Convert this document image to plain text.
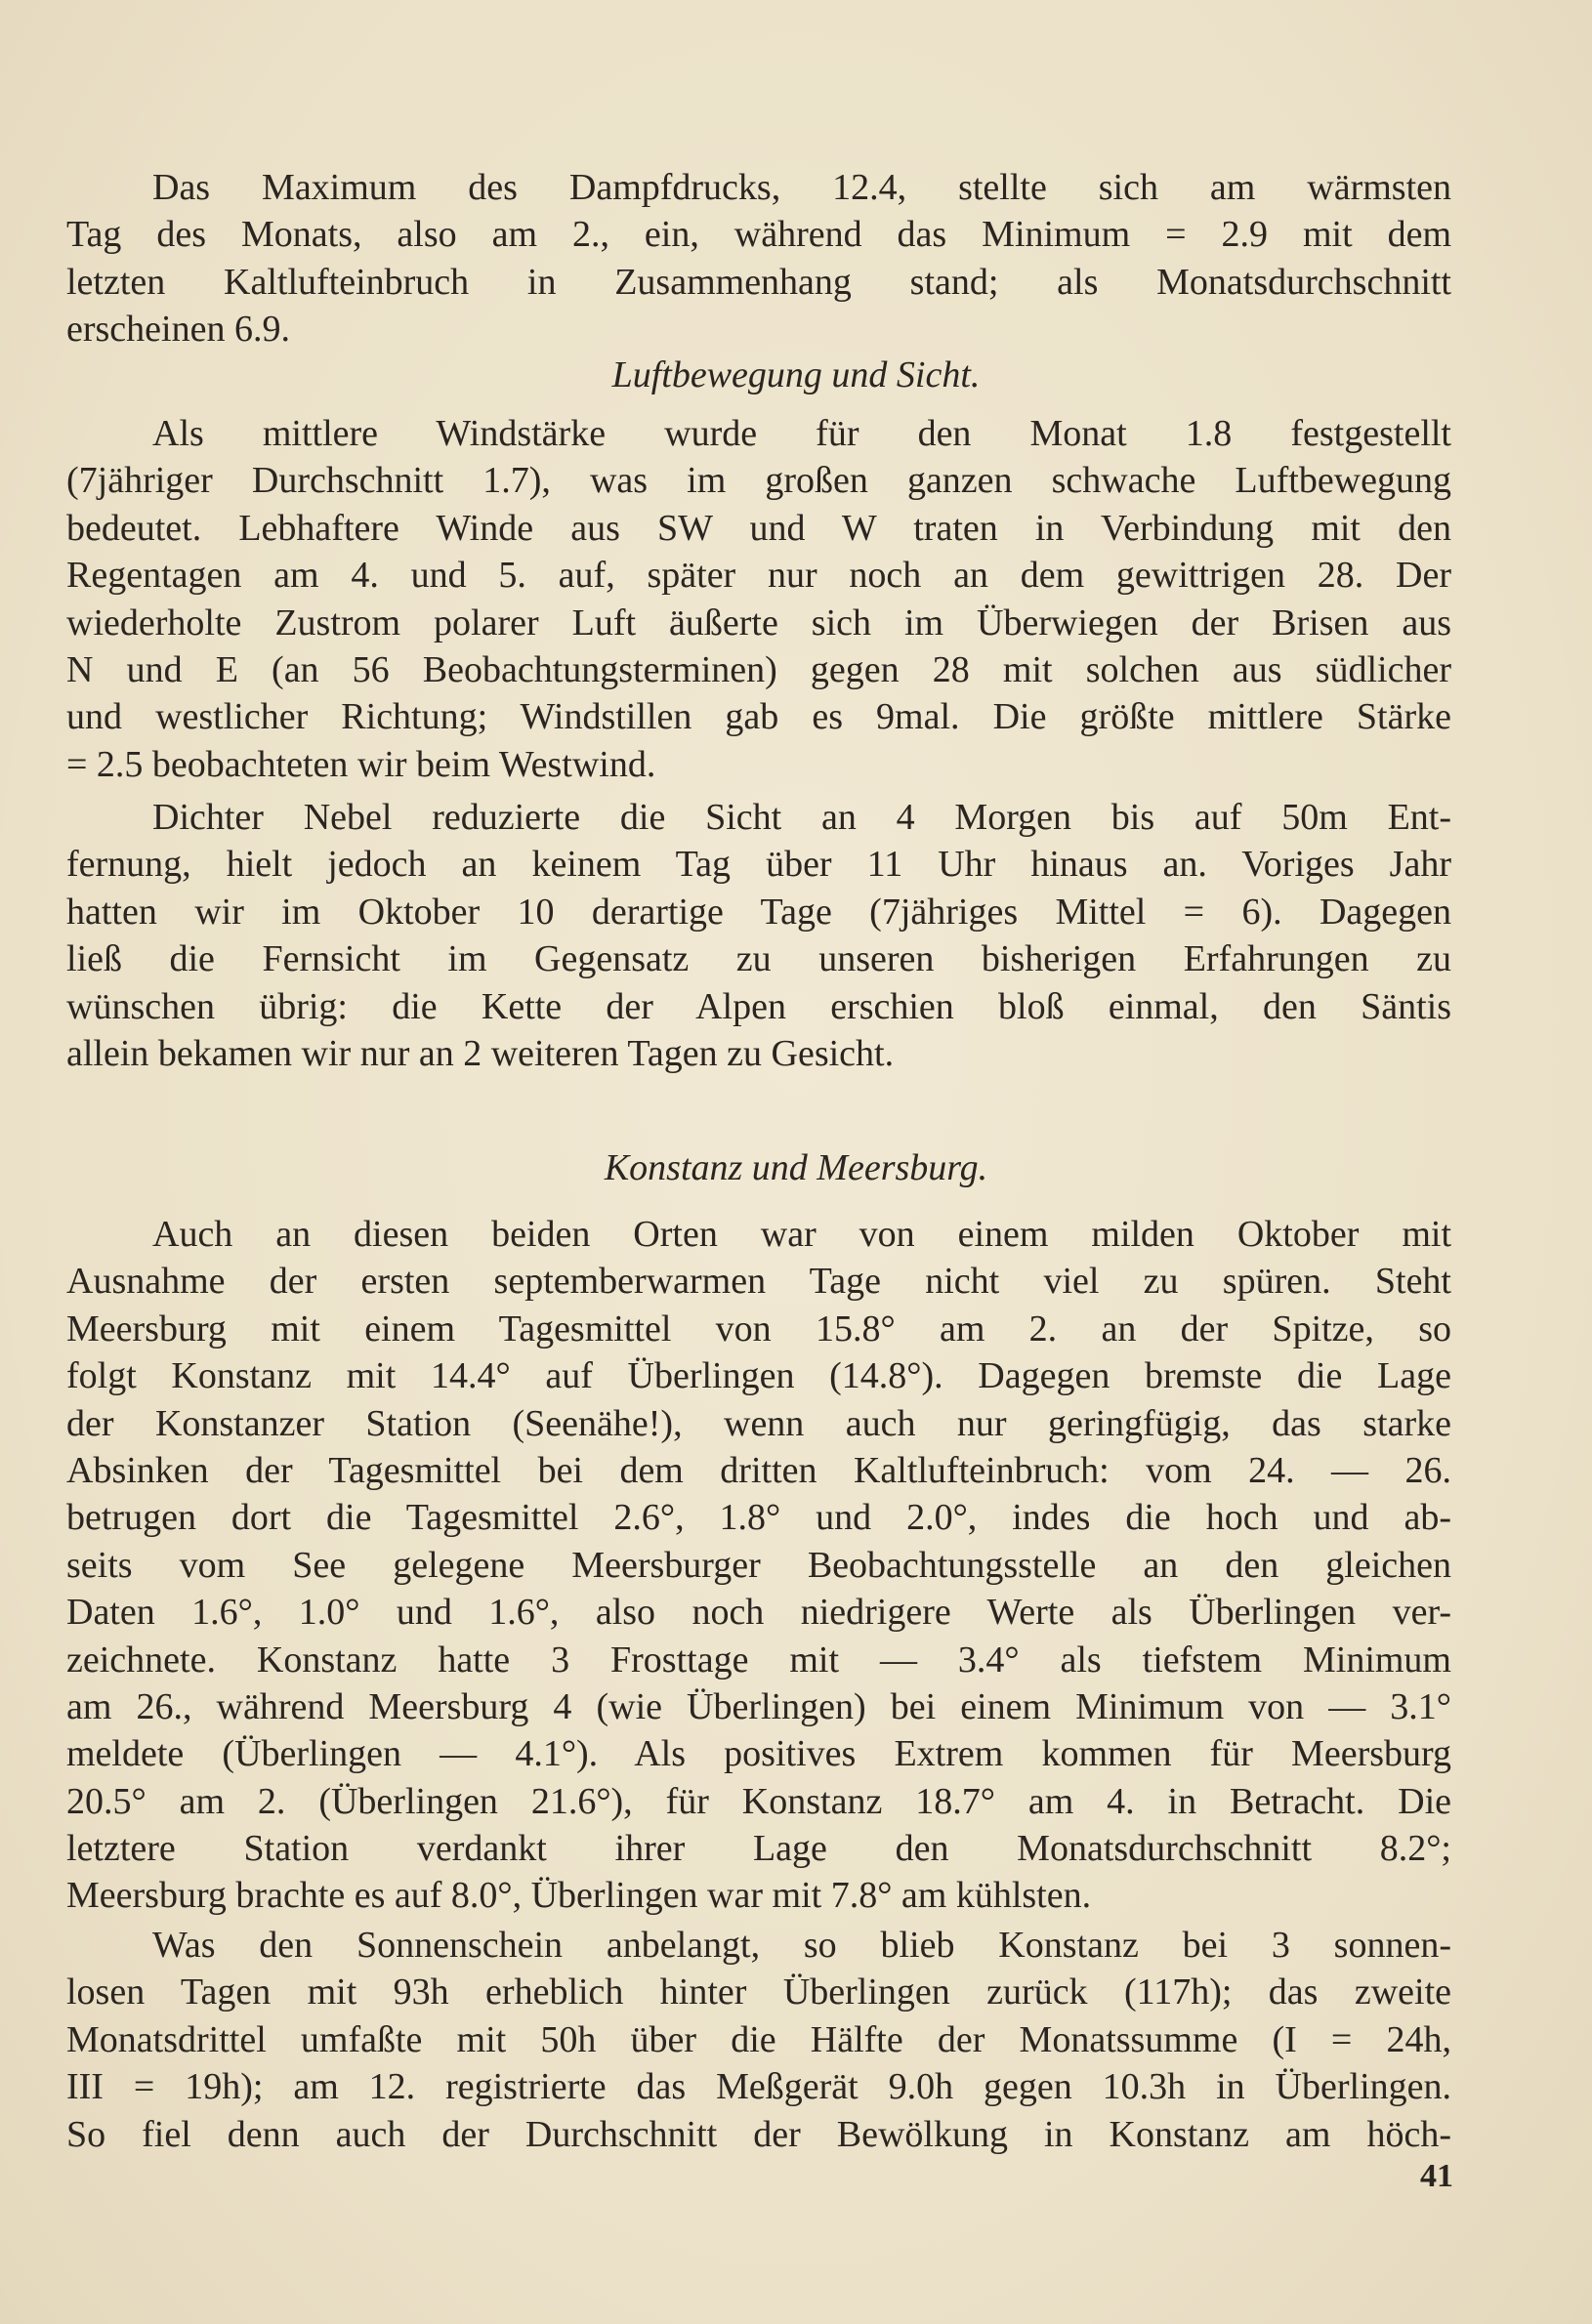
Das Maximum des Dampfdrucks, 12.4, stellte sich am wärmsten
Tag des Monats, also am 2., ein, während das Minimum = 2.9 mit dem
letzten Kaltlufteinbruch in Zusammenhang stand; als Monatsdurchschnitt
erscheinen 6.9.
Luftbewegung und Sicht.
Als mittlere Windstärke wurde für den Monat 1.8 festgestellt
(7jähriger Durchschnitt 1.7), was im großen ganzen schwache Luftbewegung
bedeutet. Lebhaftere Winde aus SW und W traten in Verbindung mit den
Regentagen am 4. und 5. auf, später nur noch an dem gewittrigen 28. Der
wiederholte Zustrom polarer Luft äußerte sich im Überwiegen der Brisen aus
N und E (an 56 Beobachtungsterminen) gegen 28 mit solchen aus südlicher
und westlicher Richtung; Windstillen gab es 9mal. Die größte mittlere Stärke
= 2.5 beobachteten wir beim Westwind.
Dichter Nebel reduzierte die Sicht an 4 Morgen bis auf 50m Ent-
fernung, hielt jedoch an keinem Tag über 11 Uhr hinaus an. Voriges Jahr
hatten wir im Oktober 10 derartige Tage (7jähriges Mittel = 6). Dagegen
ließ die Fernsicht im Gegensatz zu unseren bisherigen Erfahrungen zu
wünschen übrig: die Kette der Alpen erschien bloß einmal, den Säntis
allein bekamen wir nur an 2 weiteren Tagen zu Gesicht.
Konstanz und Meersburg.
Auch an diesen beiden Orten war von einem milden Oktober mit
Ausnahme der ersten septemberwarmen Tage nicht viel zu spüren. Steht
Meersburg mit einem Tagesmittel von 15.8° am 2. an der Spitze, so
folgt Konstanz mit 14.4° auf Überlingen (14.8°). Dagegen bremste die Lage
der Konstanzer Station (Seenähe!), wenn auch nur geringfügig, das starke
Absinken der Tagesmittel bei dem dritten Kaltlufteinbruch: vom 24. — 26.
betrugen dort die Tagesmittel 2.6°, 1.8° und 2.0°, indes die hoch und ab-
seits vom See gelegene Meersburger Beobachtungsstelle an den gleichen
Daten 1.6°, 1.0° und 1.6°, also noch niedrigere Werte als Überlingen ver-
zeichnete. Konstanz hatte 3 Frosttage mit — 3.4° als tiefstem Minimum
am 26., während Meersburg 4 (wie Überlingen) bei einem Minimum von — 3.1°
meldete (Überlingen — 4.1°). Als positives Extrem kommen für Meersburg
20.5° am 2. (Überlingen 21.6°), für Konstanz 18.7° am 4. in Betracht. Die
letztere Station verdankt ihrer Lage den Monatsdurchschnitt 8.2°;
Meersburg brachte es auf 8.0°, Überlingen war mit 7.8° am kühlsten.
Was den Sonnenschein anbelangt, so blieb Konstanz bei 3 sonnen-
losen Tagen mit 93h erheblich hinter Überlingen zurück (117h); das zweite
Monatsdrittel umfaßte mit 50h über die Hälfte der Monatssumme (I = 24h,
III = 19h); am 12. registrierte das Meßgerät 9.0h gegen 10.3h in Überlingen.
So fiel denn auch der Durchschnitt der Bewölkung in Konstanz am höch-
41
